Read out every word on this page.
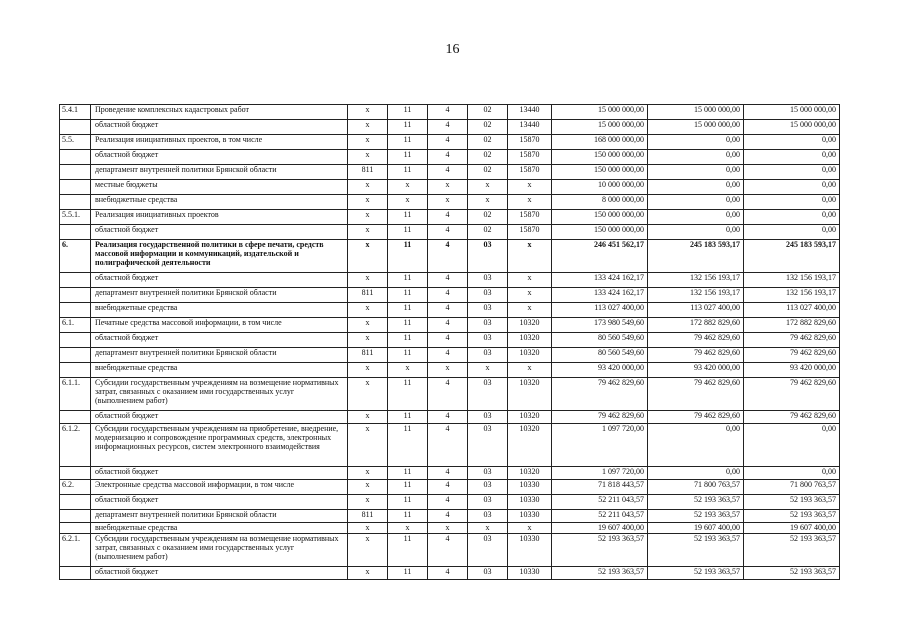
16
5.4.1	Проведение комплексных кадастровых работ	x	11	4	02	13440	15 000 000,00	15 000 000,00	15 000 000,00
	областной бюджет	x	11	4	02	13440	15 000 000,00	15 000 000,00	15 000 000,00
5.5.	Реализация инициативных проектов, в том числе	x	11	4	02	15870	168 000 000,00	0,00	0,00
	областной бюджет	x	11	4	02	15870	150 000 000,00	0,00	0,00
	департамент внутренней политики Брянской области	811	11	4	02	15870	150 000 000,00	0,00	0,00
	местные бюджеты	x	x	x	x	x	10 000 000,00	0,00	0,00
	внебюджетные средства	x	x	x	x	x	8 000 000,00	0,00	0,00
5.5.1.	Реализация инициативных проектов	x	11	4	02	15870	150 000 000,00	0,00	0,00
	областной бюджет	x	11	4	02	15870	150 000 000,00	0,00	0,00
6.	Реализация государственной политики в сфере печати, средств массовой информации и коммуникаций, издательской и полиграфической деятельности	x	11	4	03	x	246 451 562,17	245 183 593,17	245 183 593,17
	областной бюджет	x	11	4	03	x	133 424 162,17	132 156 193,17	132 156 193,17
	департамент внутренней политики Брянской области	811	11	4	03	x	133 424 162,17	132 156 193,17	132 156 193,17
	внебюджетные средства	x	11	4	03	x	113 027 400,00	113 027 400,00	113 027 400,00
6.1.	Печатные средства массовой информации, в том числе	x	11	4	03	10320	173 980 549,60	172 882 829,60	172 882 829,60
	областной бюджет	x	11	4	03	10320	80 560 549,60	79 462 829,60	79 462 829,60
	департамент внутренней политики Брянской области	811	11	4	03	10320	80 560 549,60	79 462 829,60	79 462 829,60
	внебюджетные средства	x	x	x	x	x	93 420 000,00	93 420 000,00	93 420 000,00
6.1.1.	Субсидии государственным учреждениям на возмещение нормативных затрат, связанных с оказанием ими государственных услуг (выполнением работ)	x	11	4	03	10320	79 462 829,60	79 462 829,60	79 462 829,60
	областной бюджет	x	11	4	03	10320	79 462 829,60	79 462 829,60	79 462 829,60
6.1.2.	Субсидии государственным учреждениям на приобретение, внедрение, модернизацию и сопровождение программных средств, электронных информационных ресурсов, систем электронного взаимодействия	x	11	4	03	10320	1 097 720,00	0,00	0,00
	областной бюджет	x	11	4	03	10320	1 097 720,00	0,00	0,00
6.2.	Электронные средства массовой информации, в том числе	x	11	4	03	10330	71 818 443,57	71 800 763,57	71 800 763,57
	областной бюджет	x	11	4	03	10330	52 211 043,57	52 193 363,57	52 193 363,57
	департамент внутренней политики Брянской области	811	11	4	03	10330	52 211 043,57	52 193 363,57	52 193 363,57
	внебюджетные средства	x	x	x	x	x	19 607 400,00	19 607 400,00	19 607 400,00
6.2.1.	Субсидии государственным учреждениям на возмещение нормативных затрат, связанных с оказанием ими государственных услуг (выполнением работ)	x	11	4	03	10330	52 193 363,57	52 193 363,57	52 193 363,57
	областной бюджет	x	11	4	03	10330	52 193 363,57	52 193 363,57	52 193 363,57
